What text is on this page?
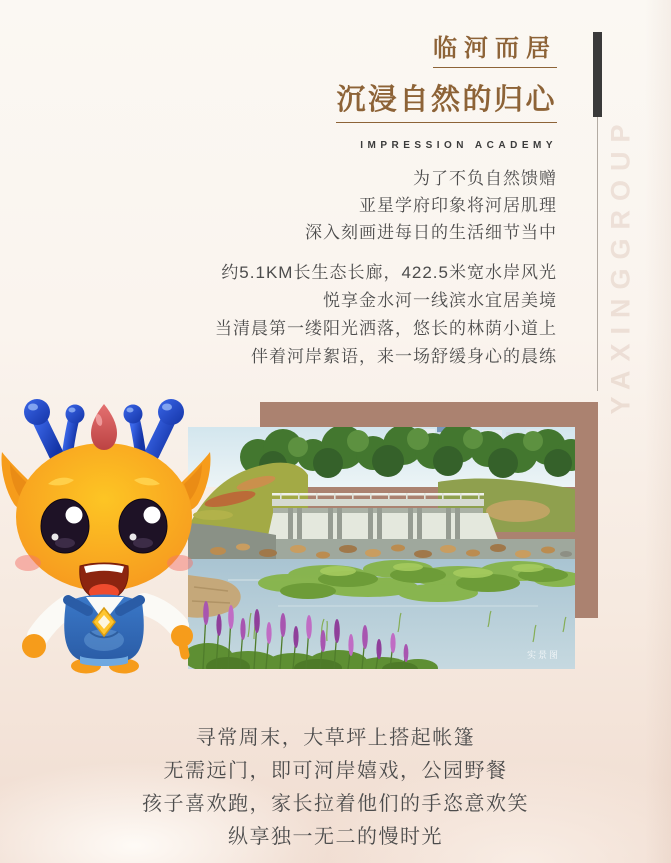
YAXINGGROUP
临河而居
沉浸自然的归心
IMPRESSION ACADEMY
为了不负自然馈赠
亚星学府印象将河居肌理
深入刻画进每日的生活细节当中
约5.1KM长生态长廊，422.5米宽水岸风光
悦享金水河一线滨水宜居美境
当清晨第一缕阳光洒落，悠长的林荫小道上
伴着河岸絮语，来一场舒缓身心的晨练
实景图
寻常周末，大草坪上搭起帐篷
无需远门，即可河岸嬉戏，公园野餐
孩子喜欢跑，家长拉着他们的手恣意欢笑
纵享独一无二的慢时光
